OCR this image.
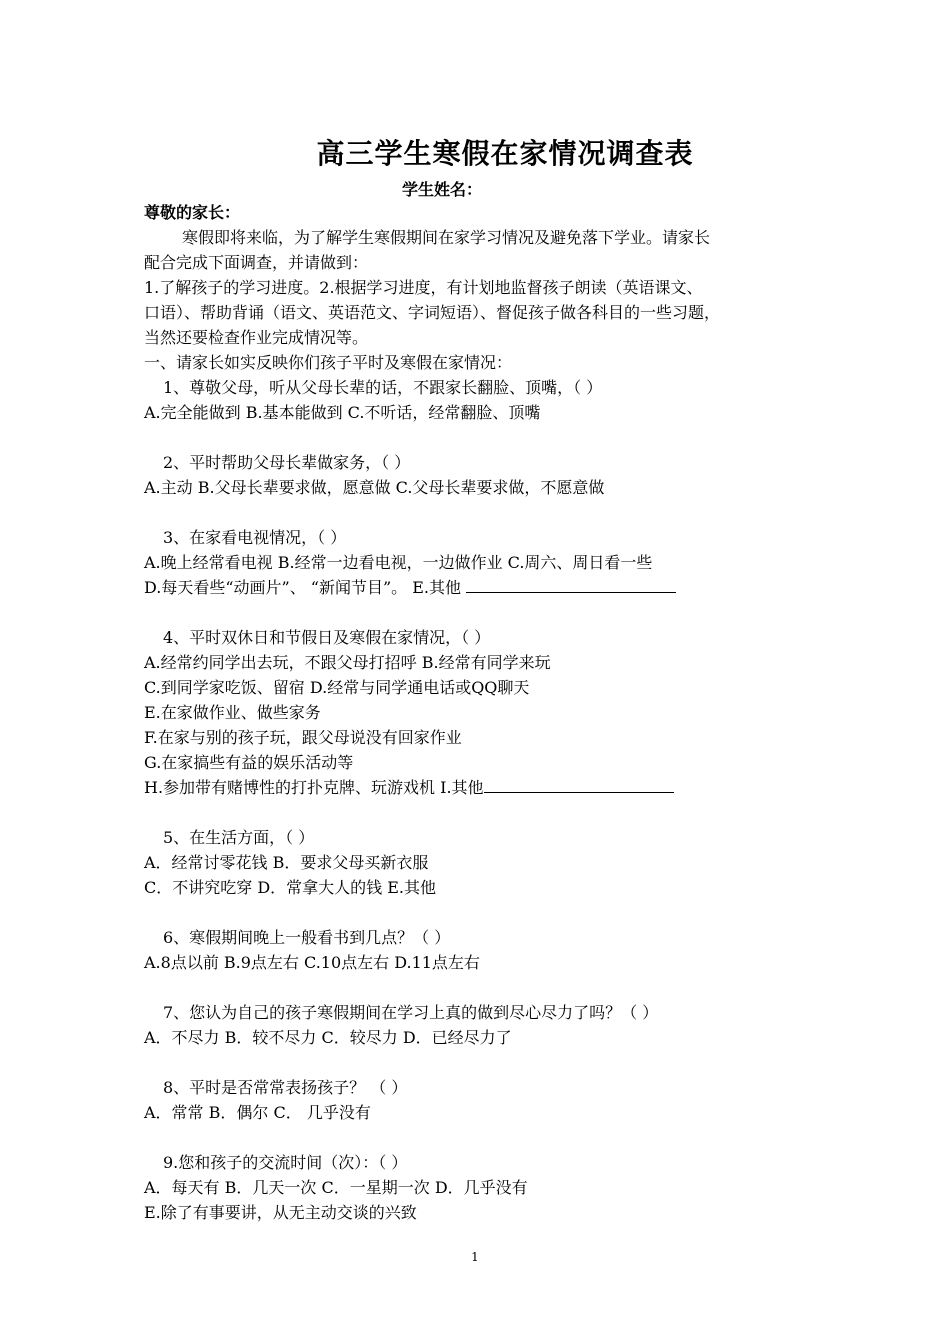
高三学生寒假在家情况调查表
学生姓名：
尊敬的家长：
寒假即将来临，为了解学生寒假期间在家学习情况及避免落下学业。请家长
配合完成下面调查，并请做到：
1.了解孩子的学习进度。2.根据学习进度，有计划地监督孩子朗读（英语课文、
口语）、帮助背诵（语文、英语范文、字词短语）、督促孩子做各科目的一些习题，
当然还要检查作业完成情况等。
一、请家长如实反映你们孩子平时及寒假在家情况：
1、尊敬父母，听从父母长辈的话，不跟家长翻脸、顶嘴，（ ）
A.完全能做到 B.基本能做到 C.不听话，经常翻脸、顶嘴
2、平时帮助父母长辈做家务，（ ）
A.主动 B.父母长辈要求做，愿意做 C.父母长辈要求做，不愿意做
3、在家看电视情况，（ ）
A.晚上经常看电视 B.经常一边看电视，一边做作业 C.周六、周日看一些
D.每天看些“动画片”、 “新闻节目”。 E.其他
4、平时双休日和节假日及寒假在家情况，（ ）
A.经常约同学出去玩，不跟父母打招呼 B.经常有同学来玩
C.到同学家吃饭、留宿 D.经常与同学通电话或QQ聊天
E.在家做作业、做些家务
F.在家与别的孩子玩，跟父母说没有回家作业
G.在家搞些有益的娱乐活动等
H.参加带有赌博性的打扑克牌、玩游戏机 I.其他
5、在生活方面，（ ）
A．经常讨零花钱 B．要求父母买新衣服
C．不讲究吃穿 D．常拿大人的钱 E.其他
6、寒假期间晚上一般看书到几点？（ ）
A.8点以前 B.9点左右 C.10点左右 D.11点左右
7、您认为自己的孩子寒假期间在学习上真的做到尽心尽力了吗？（ ）
A．不尽力 B．较不尽力 C．较尽力 D．已经尽力了
8、平时是否常常表扬孩子？ （ ）
A．常常 B．偶尔 C． 几乎没有
9.您和孩子的交流时间（次）：（ ）
A．每天有 B．几天一次 C．一星期一次 D．几乎没有
E.除了有事要讲，从无主动交谈的兴致
1
